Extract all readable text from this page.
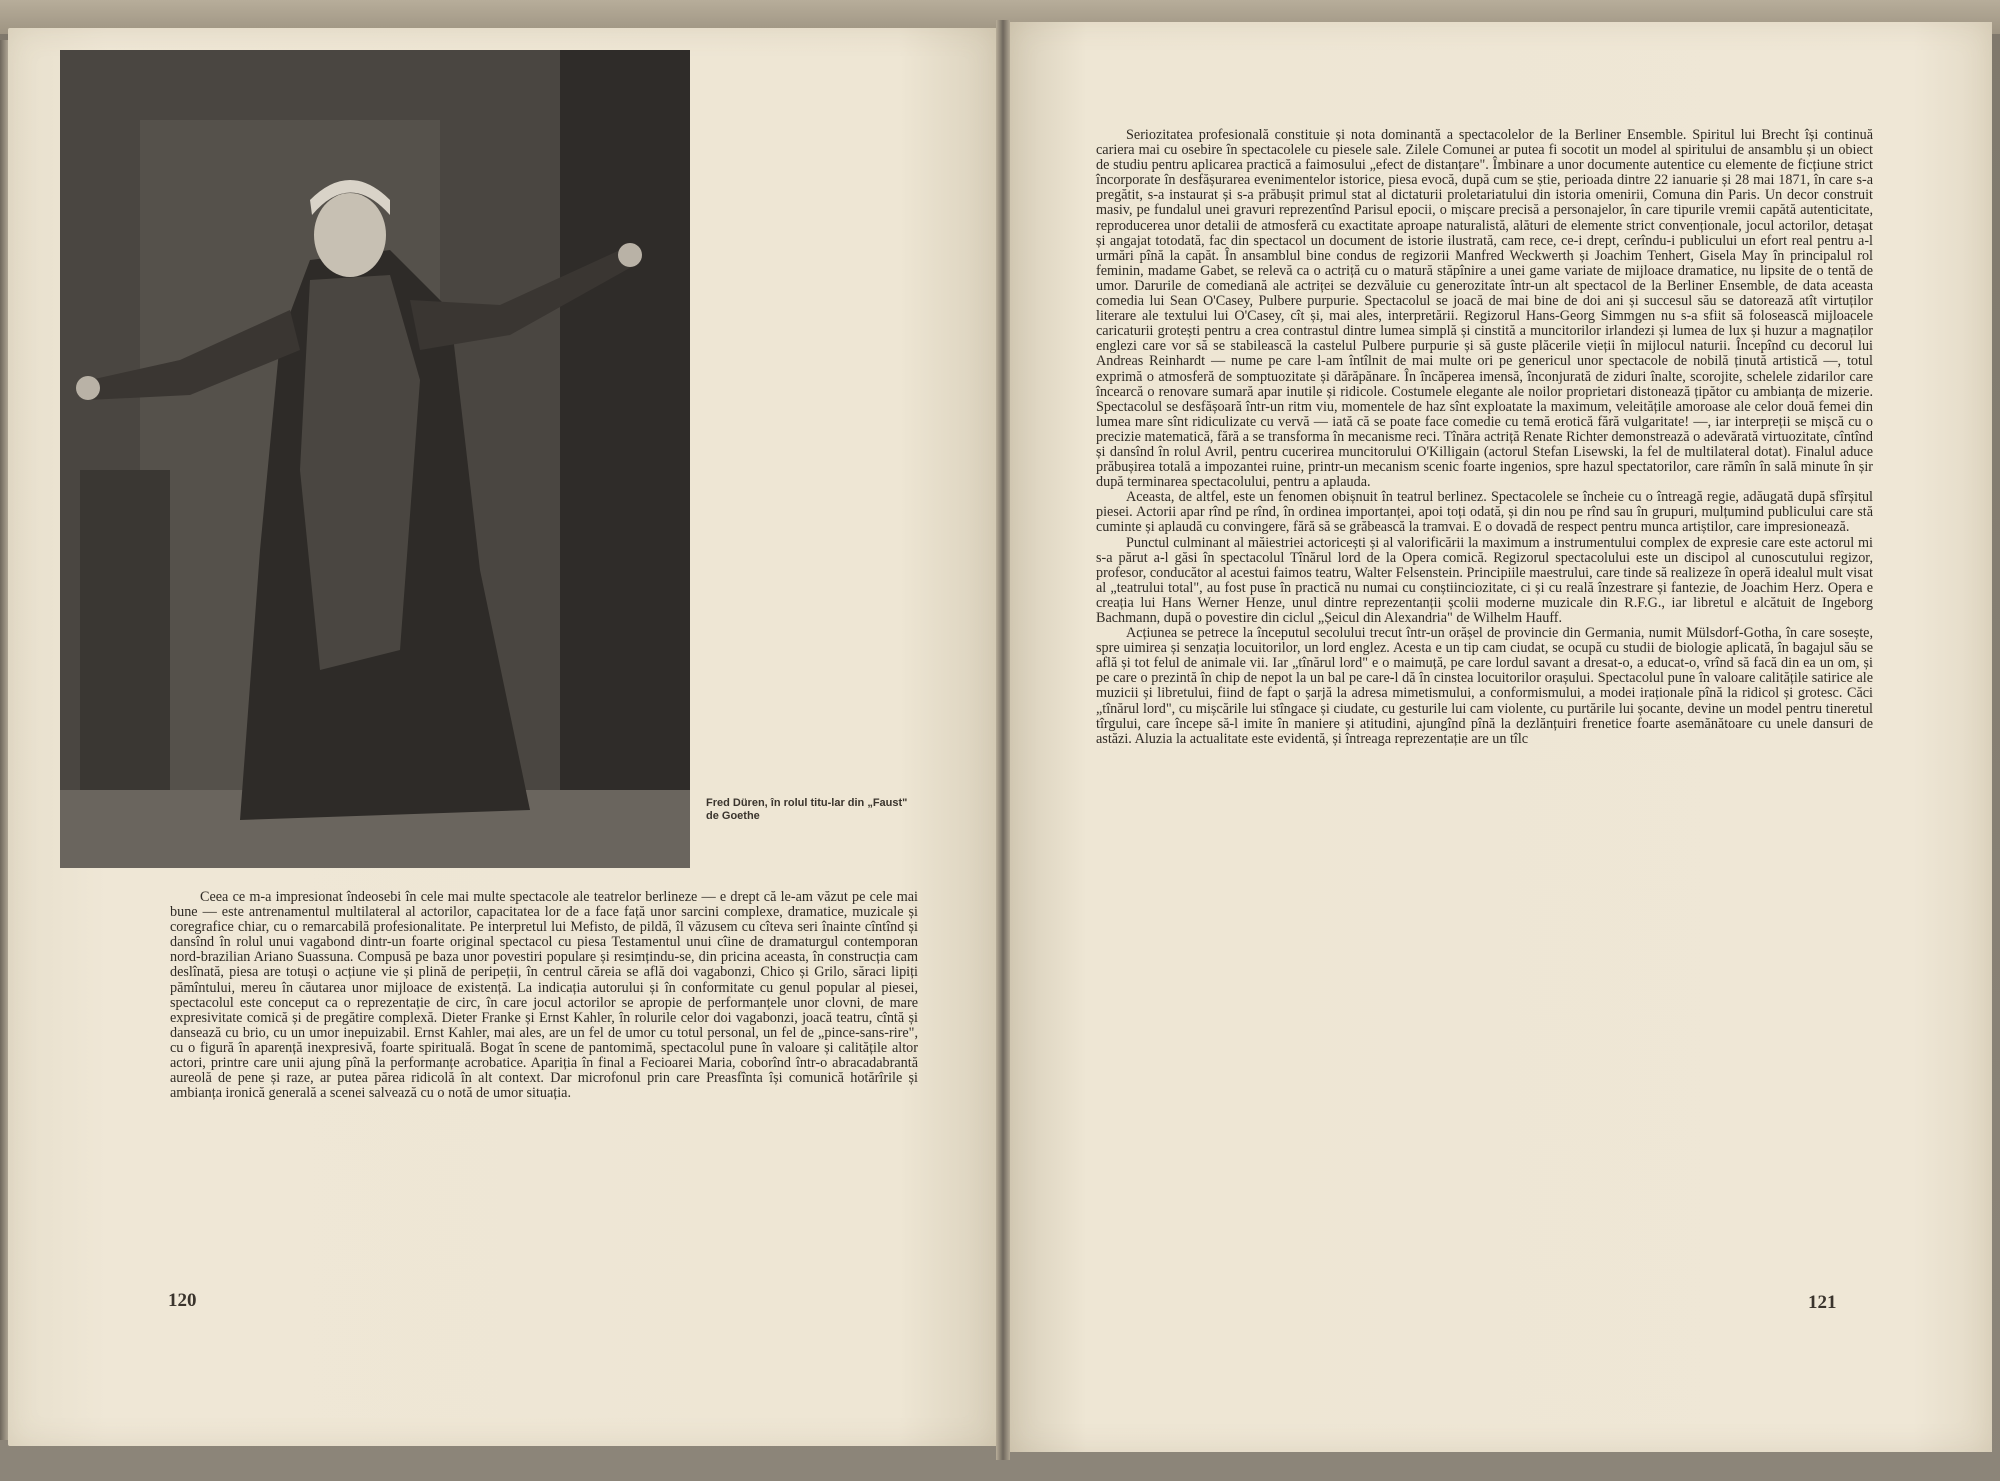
Fred Düren, în rolul titu-lar din „Faust" de Goethe

Ceea ce m-a impresionat îndeosebi în cele mai multe spectacole ale teatrelor berlineze — e drept că le-am văzut pe cele mai bune — este antrenamentul multilateral al actorilor, capacitatea lor de a face față unor sarcini complexe, dramatice, muzicale și coregrafice chiar, cu o remarcabilă profesionalitate. Pe interpretul lui Mefisto, de pildă, îl văzusem cu cîteva seri înainte cîntînd și dansînd în rolul unui vagabond dintr-un foarte original spectacol cu piesa Testamentul unui cîine de dramaturgul contemporan nord-brazilian Ariano Suassuna. Compusă pe baza unor povestiri populare și resimțindu-se, din pricina aceasta, în construcția cam deslînată, piesa are totuși o acțiune vie și plină de peripeții, în centrul căreia se află doi vagabonzi, Chico și Grilo, săraci lipiți pămîntului, mereu în căutarea unor mijloace de existență. La indicația autorului și în conformitate cu genul popular al piesei, spectacolul este conceput ca o reprezentație de circ, în care jocul actorilor se apropie de performanțele unor clovni, de mare expresivitate comică și de pregătire complexă. Dieter Franke și Ernst Kahler, în rolurile celor doi vagabonzi, joacă teatru, cîntă și dansează cu brio, cu un umor inepuizabil. Ernst Kahler, mai ales, are un fel de umor cu totul personal, un fel de „pince-sans-rire", cu o figură în aparență inexpresivă, foarte spirituală. Bogat în scene de pantomimă, spectacolul pune în valoare și calitățile altor actori, printre care unii ajung pînă la performanțe acrobatice. Apariția în final a Fecioarei Maria, coborînd într-o abracadabrantă aureolă de pene și raze, ar putea părea ridicolă în alt context. Dar microfonul prin care Preasfînta își comunică hotărîrile și ambianța ironică generală a scenei salvează cu o notă de umor situația.

Seriozitatea profesională constituie și nota dominantă a spectacolelor de la Berliner Ensemble. Spiritul lui Brecht își continuă cariera mai cu osebire în spectacolele cu piesele sale. Zilele Comunei ar putea fi socotit un model al spiritului de ansamblu și un obiect de studiu pentru aplicarea practică a faimosului „efect de distanțare". Îmbinare a unor documente autentice cu elemente de ficțiune strict încorporate în desfășurarea evenimentelor istorice, piesa evocă, după cum se știe, perioada dintre 22 ianuarie și 28 mai 1871, în care s-a pregătit, s-a instaurat și s-a prăbușit primul stat al dictaturii proletariatului din istoria omenirii, Comuna din Paris. Un decor construit masiv, pe fundalul unei gravuri reprezentînd Parisul epocii, o mișcare precisă a personajelor, în care tipurile vremii capătă autenticitate, reproducerea unor detalii de atmosferă cu exactitate aproape naturalistă, alături de elemente strict convenționale, jocul actorilor, detașat și angajat totodată, fac din spectacol un document de istorie ilustrată, cam rece, ce-i drept, cerîndu-i publicului un efort real pentru a-l urmări pînă la capăt. În ansamblul bine condus de regizorii Manfred Weckwerth și Joachim Tenhert, Gisela May în principalul rol feminin, madame Gabet, se relevă ca o actriță cu o matură stăpînire a unei game variate de mijloace dramatice, nu lipsite de o tentă de umor. Darurile de comediană ale actriței se dezvăluie cu generozitate într-un alt spectacol de la Berliner Ensemble, de data aceasta comedia lui Sean O'Casey, Pulbere purpurie. Spectacolul se joacă de mai bine de doi ani și succesul său se datorează atît virtuților literare ale textului lui O'Casey, cît și, mai ales, interpretării. Regizorul Hans-Georg Simmgen nu s-a sfiit să folosească mijloacele caricaturii grotești pentru a crea contrastul dintre lumea simplă și cinstită a muncitorilor irlandezi și lumea de lux și huzur a magnaților englezi care vor să se stabilească la castelul Pulbere purpurie și să guste plăcerile vieții în mijlocul naturii. Începînd cu decorul lui Andreas Reinhardt — nume pe care l-am întîlnit de mai multe ori pe genericul unor spectacole de nobilă ținută artistică —, totul exprimă o atmosferă de somptuozitate și dărăpănare. În încăperea imensă, înconjurată de ziduri înalte, scorojite, schelele zidarilor care încearcă o renovare sumară apar inutile și ridicole. Costumele elegante ale noilor proprietari distonează țipător cu ambianța de mizerie. Spectacolul se desfășoară într-un ritm viu, momentele de haz sînt exploatate la maximum, veleitățile amoroase ale celor două femei din lumea mare sînt ridiculizate cu vervă — iată că se poate face comedie cu temă erotică fără vulgaritate! —, iar interpreții se mișcă cu o precizie matematică, fără a se transforma în mecanisme reci. Tînăra actriță Renate Richter demonstrează o adevărată virtuozitate, cîntînd și dansînd în rolul Avril, pentru cucerirea muncitorului O'Killigain (actorul Stefan Lisewski, la fel de multilateral dotat). Finalul aduce prăbușirea totală a impozantei ruine, printr-un mecanism scenic foarte ingenios, spre hazul spectatorilor, care rămîn în sală minute în șir după terminarea spectacolului, pentru a aplauda.

Aceasta, de altfel, este un fenomen obișnuit în teatrul berlinez. Spectacolele se încheie cu o întreagă regie, adăugată după sfîrșitul piesei. Actorii apar rînd pe rînd, în ordinea importanței, apoi toți odată, și din nou pe rînd sau în grupuri, mulțumind publicului care stă cuminte și aplaudă cu convingere, fără să se grăbească la tramvai. E o dovadă de respect pentru munca artiștilor, care impresionează.

Punctul culminant al măiestriei actoricești și al valorificării la maximum a instrumentului complex de expresie care este actorul mi s-a părut a-l găsi în spectacolul Tînărul lord de la Opera comică. Regizorul spectacolului este un discipol al cunoscutului regizor, profesor, conducător al acestui faimos teatru, Walter Felsenstein. Principiile maestrului, care tinde să realizeze în operă idealul mult visat al „teatrului total", au fost puse în practică nu numai cu conștiinciozitate, ci și cu reală înzestrare și fantezie, de Joachim Herz. Opera e creația lui Hans Werner Henze, unul dintre reprezentanții școlii moderne muzicale din R.F.G., iar libretul e alcătuit de Ingeborg Bachmann, după o povestire din ciclul „Șeicul din Alexandria" de Wilhelm Hauff.

Acțiunea se petrece la începutul secolului trecut într-un orășel de provincie din Germania, numit Mülsdorf-Gotha, în care sosește, spre uimirea și senzația locuitorilor, un lord englez. Acesta e un tip cam ciudat, se ocupă cu studii de biologie aplicată, în bagajul său se află și tot felul de animale vii. Iar „tînărul lord" e o maimuță, pe care lordul savant a dresat-o, a educat-o, vrînd să facă din ea un om, și pe care o prezintă în chip de nepot la un bal pe care-l dă în cinstea locuitorilor orașului. Spectacolul pune în valoare calitățile satirice ale muzicii și libretului, fiind de fapt o șarjă la adresa mimetismului, a conformismului, a modei iraționale pînă la ridicol și grotesc. Căci „tînărul lord", cu mișcările lui stîngace și ciudate, cu gesturile lui cam violente, cu purtările lui șocante, devine un model pentru tineretul tîrgului, care începe să-l imite în maniere și atitudini, ajungînd pînă la dezlănțuiri frenetice foarte asemănătoare cu unele dansuri de astăzi. Aluzia la actualitate este evidentă, și întreaga reprezentație are un tîlc

120	121
